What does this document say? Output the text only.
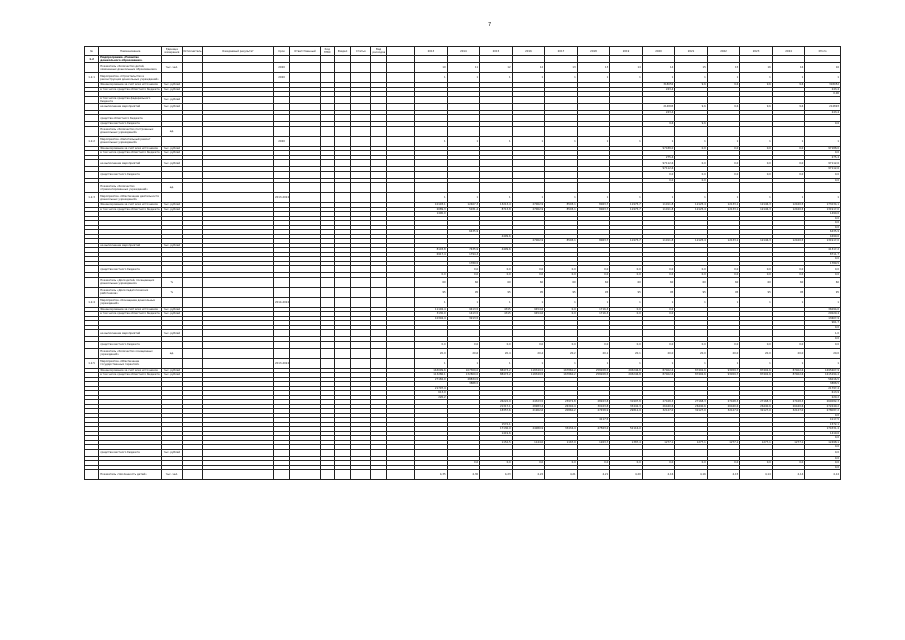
7
№	Наименование	Единица измерения	Исполнитель	Ожидаемый результат	Срок	Ответственный	Код ГРБС	Раздел	Статья	Вид расходов		2013	2014	2015	2016	2017	2018	2019	2020	2021	2022	2023	2024	Итого
1.2	Подпрограмма «Развитие дошкольного образования»																							
	Показатель «Количество детей, охваченных дошкольным образованием»	тыс. чел.			2020							10	11	12	12	13	13	14	14	15	15	16	16	16
1.2.1	Мероприятие «Строительство и реконструкция дошкольных учреждений»				2020							1	1	1	1	1	1	1	1	1	1	1	1	1
	Финансирование за счёт всех источников	тыс. рублей																	318052	9,6	9,6	9,6	9,6	318052
	в том числе средства областного бюджета	тыс. рублей																	243,4					243,4
																								0,00
	в том числе средства федерального бюджета	тыс. рублей																						
	на выполнение мероприятий	тыс. рублей																	214893	9,6	9,6	9,6	9,6	214893
																			243,4					243,4
	средства областного бюджета																							
	средства местного бюджета																		9,6	9,6				9,6
	Показатель «Количество построенных дошкольных учреждений»	ед.																						
1.2.2	Мероприятие «Капитальный ремонт дошкольных учреждений»				2020							1	1	1	1	1	1	1	1	1	1	1	1	1
	Финансирование за счёт всех источников	тыс. рублей																	97188,0	0,0	0,0	0,0	0,0	97188,0
	в том числе средства областного бюджета	тыс. рублей																						0,0
																			275,4					275,4
	на выполнение мероприятий	тыс. рублей																	97112,6	0,0	0,0	0,0	0,0	97112,6
																			97112,6					97112,6
	средства местного бюджета																		0,0	0,0	0,0	0,0	0,0	0,0
																			0,0	0,0				0,0
	Показатель «Количество отремонтированных учреждений»	ед.																						
1.2.3	Мероприятие «Обеспечение деятельности дошкольных учреждений»				2013-2024							1	1	1	1	1	1	1	1	1	1	1	1	1
	Финансирование за счёт всех источников	тыс. рублей										10193,1	12467,3	13213,4	27062,9	8503,1	8063,7	11975,7	11911,8	12125,4	12133,1	12146,3	12160,5	173234,1
	в том числе средства областного бюджета	тыс. рублей										2089,3	5031,4	8713,8	27062,9	8503,1	8063,7	11975,7	11911,8	12125,4	12133,1	12146,3	12160,5	131917,0
												1490,0												1490,0
																								0,0
																								0,0
																								0,0
													6435,9											6435,9
														4499,6										4499,6
															27062,9	8503,1	8063,7	11975,7	11911,8	12125,4	12133,1	12146,3	12160,5	131917,0
	на выполнение мероприятий	тыс. рублей																						
												8103,8	7435,9	4499,6										41317,2
												6917,4	1794,3											8711,7
																								0,0
													1789,5											1789,5
	средства местного бюджета												0,0	0,0	0,0	0,0	0,0	0,0	0,0	0,0	0,0	0,0	0,0	0,0
												0,0	0,0	0,0	0,0	0,0	0,0	0,0	0,0	0,0	0,0	0,0	0,0	0,0
	Показатель «Доля детей, посещающих дошкольные учреждения»	%										60	60	60	60	60	60	60	60	60	60	60	60	60
	Показатель «Доля педагогических работников»	%										95	95	95	95	95	95	95	95	95	95	95	95	95
1.2.4	Мероприятие «Оснащение дошкольных учреждений»				2014-2024							1	1	1	1	1	1	1	1	1	1	1	1	1
	Финансирование за счёт всех источников	тыс. рублей										11194,4	9413,5	4315	9454,6	0,0	1716,3	0,0	0,0					36094,0
	в том числе средства областного бюджета	тыс. рублей										3130,0	1413,5	4315	9454,6	0,0	1716,3	0,0	0,0					20029,4
												10394,4	3213,5											13607,9
																								961,7
																								0,0
	на выполнение мероприятий	тыс. рублей																						1,0
																								0,0
	средства местного бюджета											0,0	0,0	0,0	0,0	0,0	0,0	0,0	0,0	0,0	0,0	0,0	0,0	0,0
	Показатель «Количество оснащённых учреждений»	ед.										20,9	20,6	20,4	20,4	20,2	20,1	20,1	20,0	20,0	20,0	20,0	20,0	20,0
1.2.5	Мероприятие «Обеспечение государственных гарантий»				2013-2024							1	1	1	1	1	1	1	1	1	1	1	1	1
	Финансирование за счёт всех источников	тыс. рублей										163099,6	167300,0	88473,2	118349,5	167860,2	258208,5	293246,8	87402,6	87402,6	93459,7	87402,6	87402,6	1695607,9
	в том числе средства областного бюджета	тыс. рублей										113286,1	132800,0	88473,2	118349,5	167860,2	258208,5	293246,8	87402,6	87402,6	93459,7	87402,6	87402,6	1615294,4
												27182,0	28834,5											56016,5
													3888,5											3888,5
												21797,4												21797,4
												613,9												613,9
												220,2												220,2
														26222,9	24323,5	23972,8	28923,8	31997,8	27168,3	27168,3	27168,3	27168,3	27168,3	269282,3
														21317,1	28983,4	26340,4	30163,8	33442,3	26440,6	26440,6	26440,6	26440,6	26440,6	272449,2
														18357,6	21962,6	20860,2	27458,9	29812,9	32127,0	32127,0	32127,0	32127,0	32127,0	278087,2
																								0,0
																	4117,5							4117,5
														1572,1										1572,1
														17136,9	24080,9	33434,4	47563,2	52116,0						174331,4
														1419,6										1419,6
																								0,0
														1152,5	1144,0	1167,0	1263,7	1387,4	1277,1	1277,1	1277,1	1277,1	1277,1	12498,1
																								0,0
	средства местного бюджета	тыс. рублей																						0,0
																								0,0
													0,0	0,0	0,0	0,0	0,0	0,0	0,0	0,0	0,0	0,0	0,0	0,0
																								0,0
	Показатель «Численность детей»	тыс. чел.										4,35	4,30	4,23	4,22	4,21	4,21	4,20	4,16	4,16	4,15	4,14	4,14	4,14
